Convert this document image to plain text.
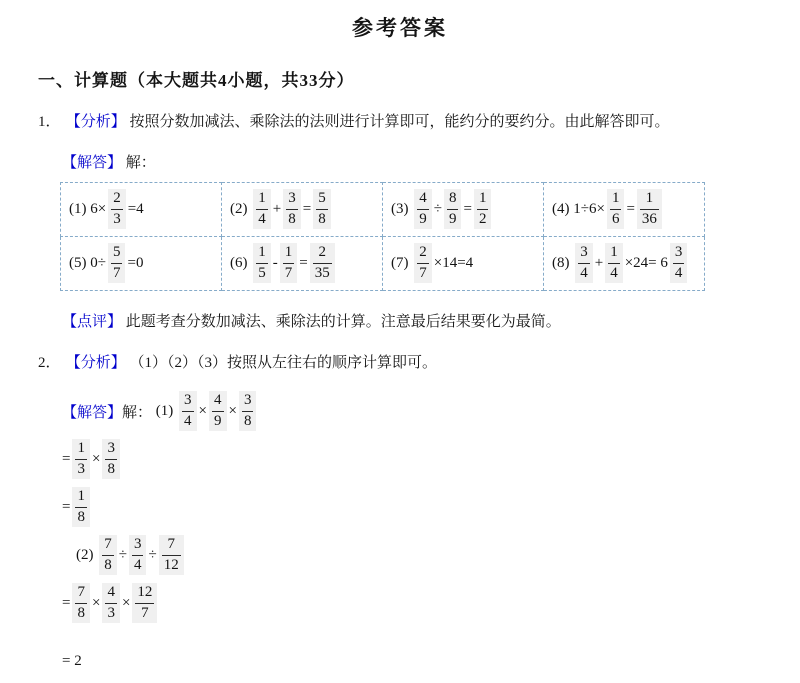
参考答案
一、计算题（本大题共4小题，共33分）

1． 【分析】 按照分数加减法、乘除法的法则进行计算即可，能约分的要约分。由此解答即可。

【解答】 解：

(1) $6\times \frac{2}{3} =4$	$(2) \frac{1}{4} + \frac{3}{8} = \frac{5}{8}$	$(3) \frac{4}{9} \div \frac{8}{9} = \frac{1}{2}$	(4) $1\div 6\times \frac{1}{6} = \frac{1}{36}$

(5) $0\div \frac{5}{7} =0$	$(6) \frac{1}{5} - \frac{1}{7} = \frac{2}{35}$	$(7) \frac{2}{7} \times 14=4$	$(8) \frac{3}{4} + \frac{1}{4} \times 24= 6 \frac{3}{4}$

【点评】 此题考查分数加减法、乘除法的计算。注意最后结果要化为最简。

2． 【分析】 （1）（2）（3）按照从左往右的顺序计算即可。

【解答】 解：
$(1) \frac{3}{4} \times \frac{4}{9} \times \frac{3}{8}$
= $\frac{1}{3} \times \frac{3}{8}$
= $\frac{1}{8}$
$(2) \frac{7}{8} \div \frac{3}{4} \div \frac{7}{12}$
= $\frac{7}{8} \times \frac{4}{3} \times \frac{12}{7}$
= 2
